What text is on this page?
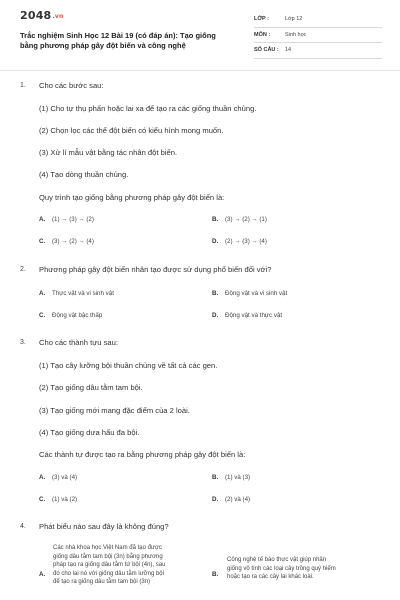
2048.vn
Trắc nghiệm Sinh Học 12 Bài 19 (có đáp án): Tạo giống bằng phương pháp gây đột biến và công nghệ
LỚP :	Lớp 12
MÔN :	Sinh học
SỐ CÂU : 14
1. Cho các bước sau:
(1) Cho tự thụ phấn hoặc lai xa để tạo ra các giống thuần chủng.
(2) Chọn lọc các thể đột biến có kiểu hình mong muốn.
(3) Xử lí mẫu vật bằng tác nhân đột biến.
(4) Tạo dòng thuần chủng.
Quy trình tạo giống bằng phương pháp gây đột biến là:
A. (1) → (3) → (2)	B. (3) → (2) → (1)
C. (3) → (2) → (4)	D. (2) → (3) → (4)
2. Phương pháp gây đột biến nhân tạo được sử dụng phổ biến đối với?
A. Thực vật và vi sinh vật	B. Động vật và vi sinh vật
C. Động vật bậc thấp	D. Động vật và thực vật
3. Cho các thành tựu sau:
(1) Tạo cây lưỡng bội thuần chủng về tất cả các gen.
(2) Tạo giống dâu tằm tam bội.
(3) Tạo giống mới mang đặc điểm của 2 loài.
(4) Tạo giống dưa hấu đa bội.
Các thành tự được tạo ra bằng phương pháp gây đột biến là:
A. (3) và (4)	B. (1) và (3)
C. (1) và (2)	D. (2) và (4)
4. Phát biểu nào sau đây là không đúng?
A.
Các nhà khoa học Việt Nam đã tạo được
giống dâu tằm tam bội (3n) bằng phương
pháp tạo ra giống dâu tằm tứ bội (4n), sau
đó cho lai nó với giống dâu tằm lưỡng bội
để tạo ra giống dâu tằm tam bội (3n)
B.
Công nghệ tế bào thực vật giúp nhân
giống vô tính các loại cây trồng quý hiếm
hoặc tạo ra các cây lai khác loài.
